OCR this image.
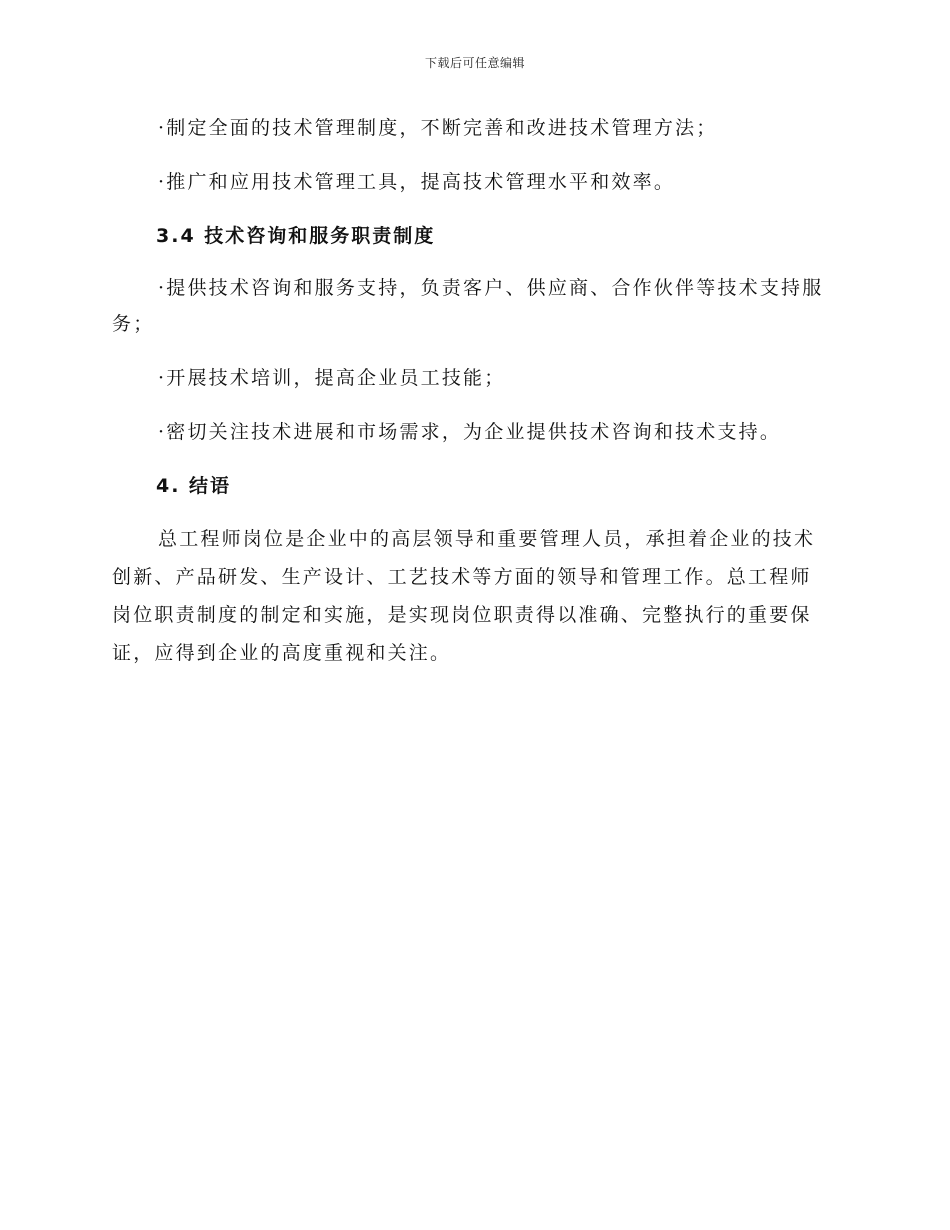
下载后可任意编辑

·制定全面的技术管理制度，不断完善和改进技术管理方法；

·推广和应用技术管理工具，提高技术管理水平和效率。

3.4 技术咨询和服务职责制度

·提供技术咨询和服务支持，负责客户、供应商、合作伙伴等技术支持服务；

·开展技术培训，提高企业员工技能；

·密切关注技术进展和市场需求，为企业提供技术咨询和技术支持。

4. 结语

总工程师岗位是企业中的高层领导和重要管理人员，承担着企业的技术创新、产品研发、生产设计、工艺技术等方面的领导和管理工作。总工程师岗位职责制度的制定和实施，是实现岗位职责得以准确、完整执行的重要保证，应得到企业的高度重视和关注。
